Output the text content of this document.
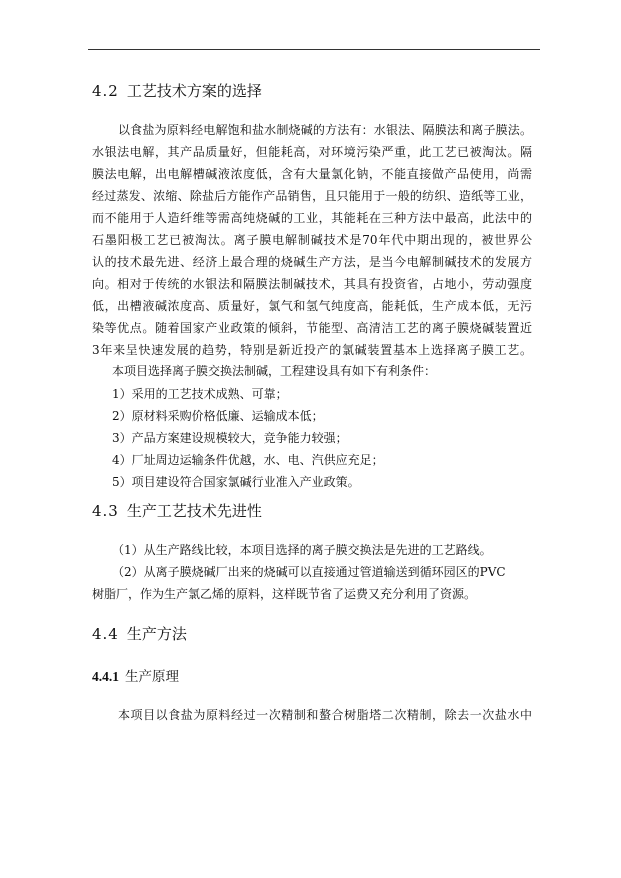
4.2 工艺技术方案的选择
以食盐为原料经电解饱和盐水制烧碱的方法有：水银法、隔膜法和离子膜法。
水银法电解，其产品质量好，但能耗高，对环境污染严重，此工艺已被淘汰。隔
膜法电解，出电解槽碱液浓度低，含有大量氯化钠，不能直接做产品使用，尚需
经过蒸发、浓缩、除盐后方能作产品销售，且只能用于一般的纺织、造纸等工业，
而不能用于人造纤维等需高纯烧碱的工业，其能耗在三种方法中最高，此法中的
石墨阳极工艺已被淘汰。离子膜电解制碱技术是70年代中期出现的，被世界公
认的技术最先进、经济上最合理的烧碱生产方法，是当今电解制碱技术的发展方
向。相对于传统的水银法和隔膜法制碱技术，其具有投资省，占地小，劳动强度
低，出槽液碱浓度高、质量好，氯气和氢气纯度高，能耗低，生产成本低，无污
染等优点。随着国家产业政策的倾斜，节能型、高清洁工艺的离子膜烧碱装置近
3年来呈快速发展的趋势，特别是新近投产的氯碱装置基本上选择离子膜工艺。
本项目选择离子膜交换法制碱，工程建设具有如下有利条件：
1）采用的工艺技术成熟、可靠；
2）原材料采购价格低廉、运输成本低；
3）产品方案建设规模较大，竞争能力较强；
4）厂址周边运输条件优越，水、电、汽供应充足；
5）项目建设符合国家氯碱行业准入产业政策。
4.3 生产工艺技术先进性
（1）从生产路线比较，本项目选择的离子膜交换法是先进的工艺路线。
（2）从离子膜烧碱厂出来的烧碱可以直接通过管道输送到循环园区的PVC
树脂厂，作为生产氯乙烯的原料，这样既节省了运费又充分利用了资源。
4.4 生产方法
4.4.1 生产原理
本项目以食盐为原料经过一次精制和螯合树脂塔二次精制，除去一次盐水中
